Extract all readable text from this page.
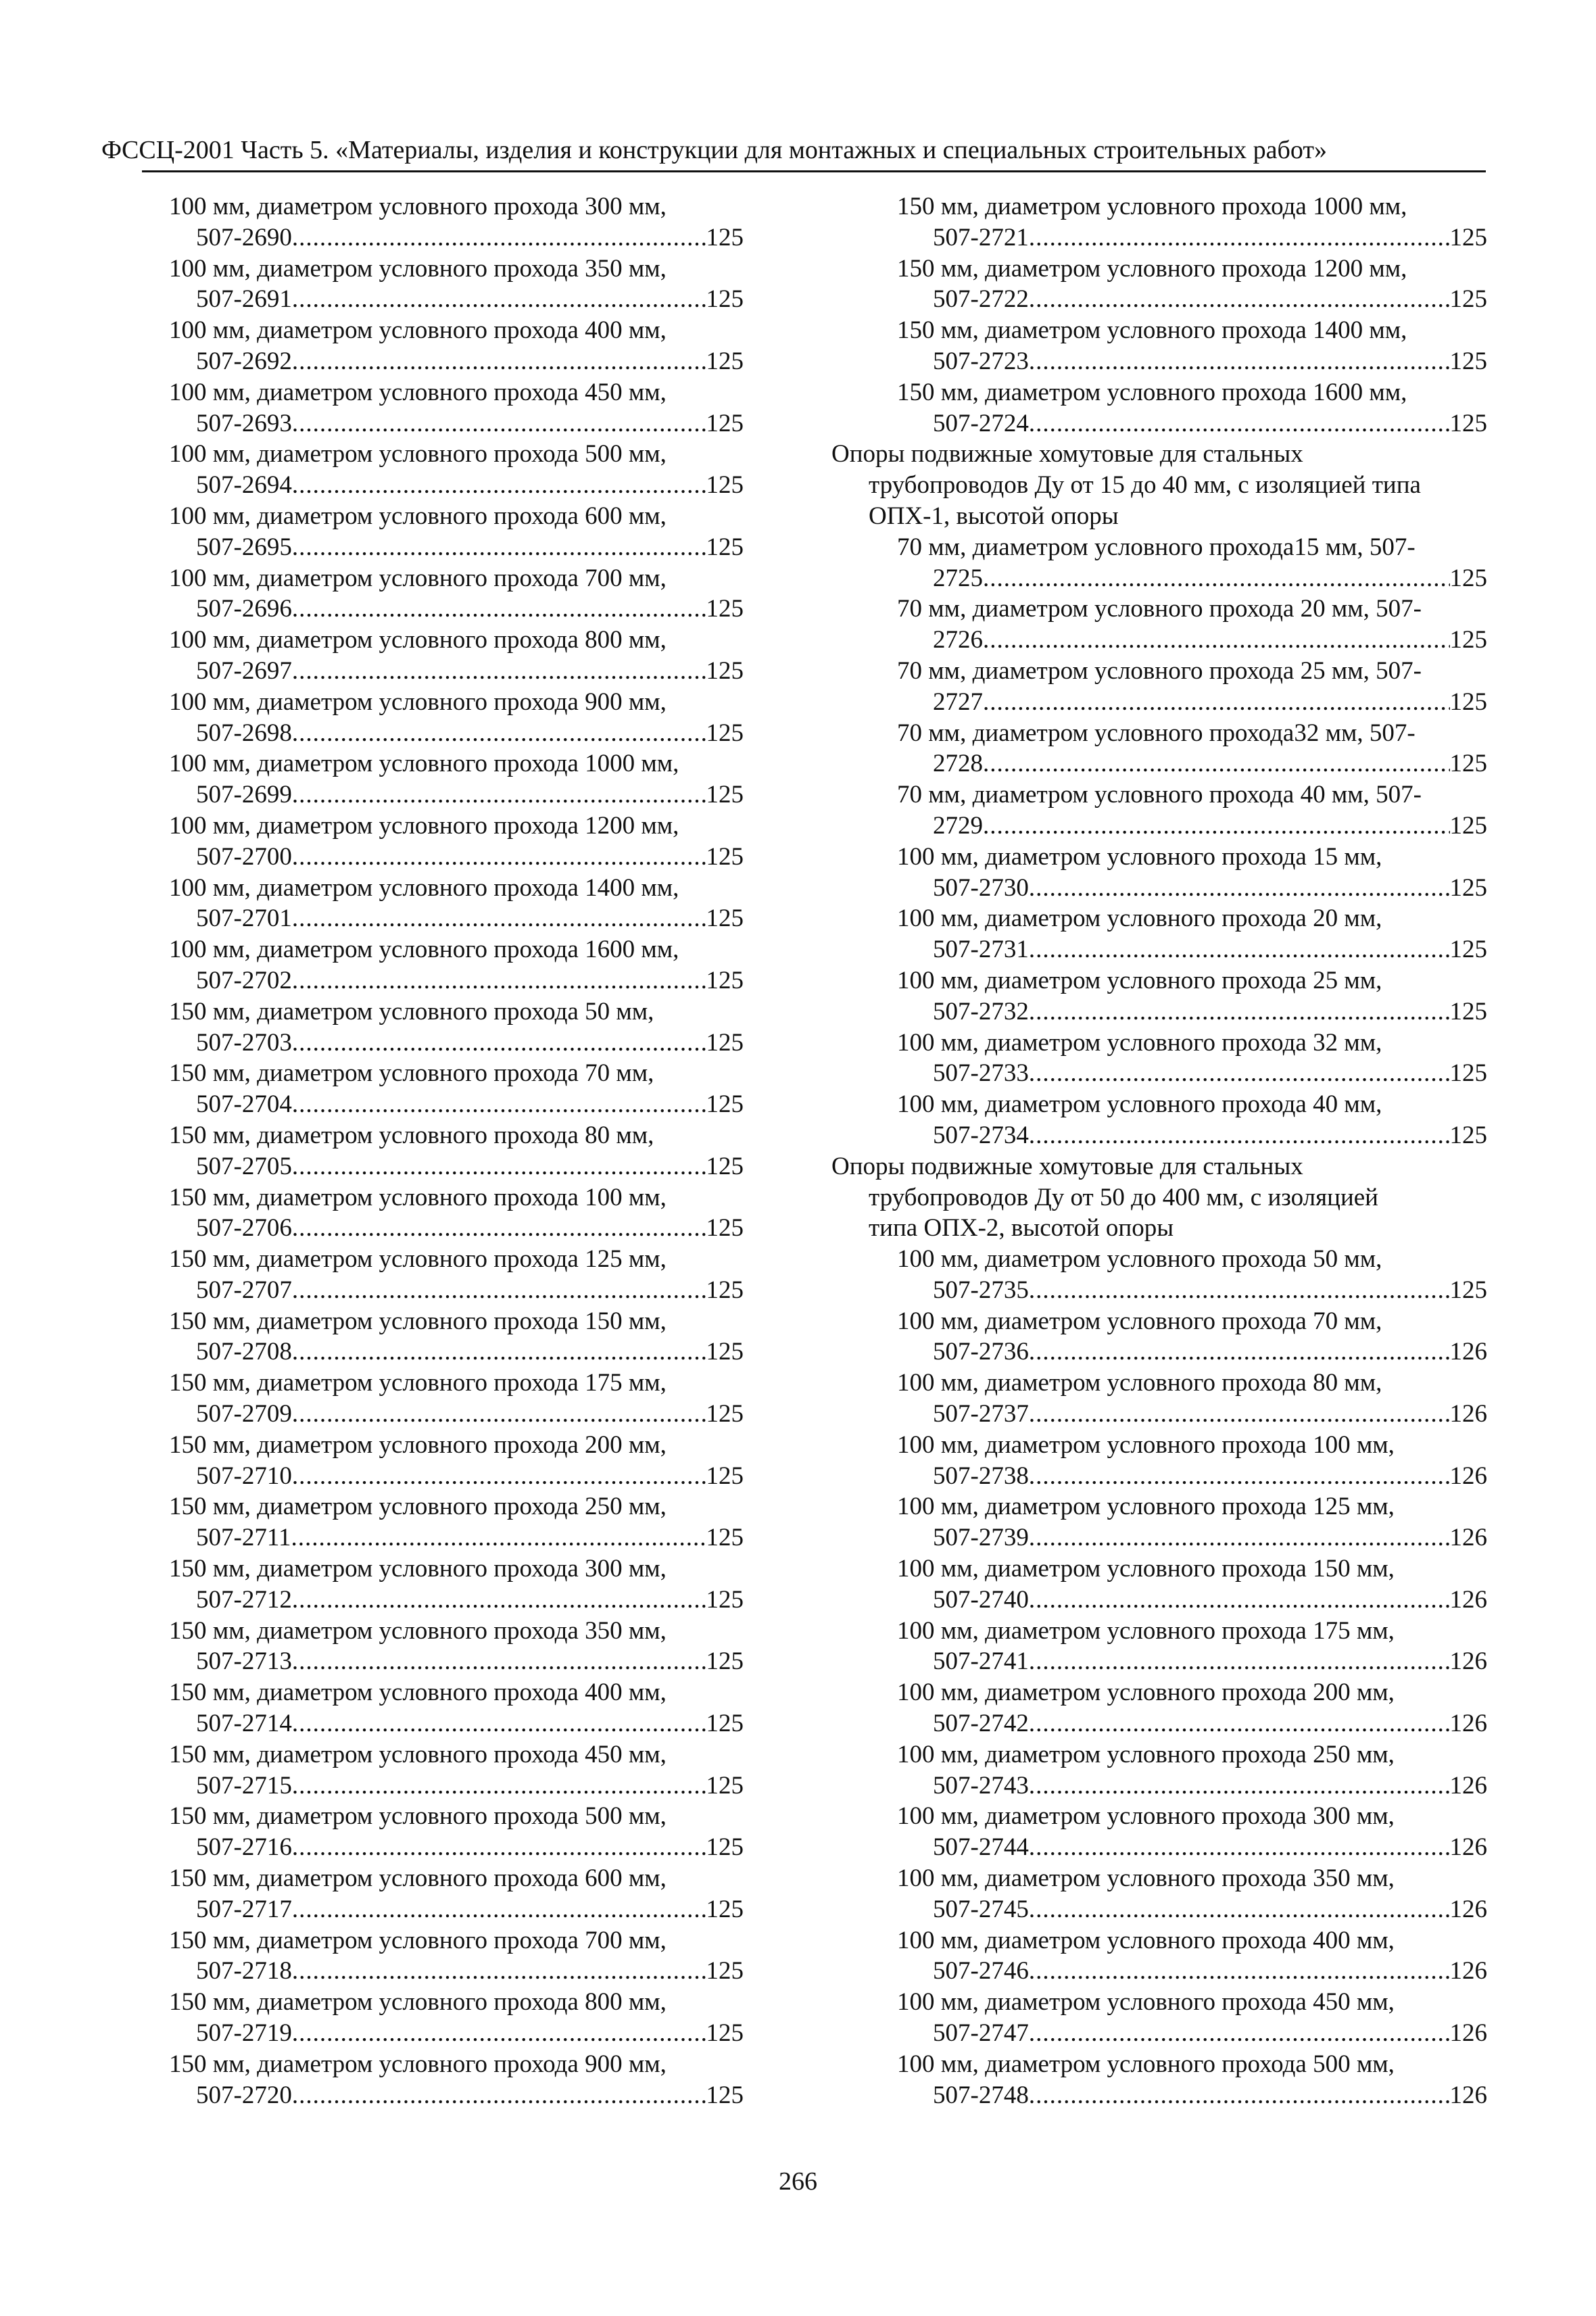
ФССЦ-2001 Часть 5. «Материалы, изделия и конструкции для монтажных и специальных строительных работ»
100 мм, диаметром условного прохода 300 мм,
507-2690 .....	125
100 мм, диаметром условного прохода 350 мм,
507-2691 .....	125
100 мм, диаметром условного прохода 400 мм,
507-2692 .....	125
100 мм, диаметром условного прохода 450 мм,
507-2693 .....	125
100 мм, диаметром условного прохода 500 мм,
507-2694 .....	125
100 мм, диаметром условного прохода 600 мм,
507-2695 .....	125
100 мм, диаметром условного прохода 700 мм,
507-2696 .....	125
100 мм, диаметром условного прохода 800 мм,
507-2697 .....	125
100 мм, диаметром условного прохода 900 мм,
507-2698 .....	125
100 мм, диаметром условного прохода 1000 мм,
507-2699 .....	125
100 мм, диаметром условного прохода 1200 мм,
507-2700 .....	125
100 мм, диаметром условного прохода 1400 мм,
507-2701 .....	125
100 мм, диаметром условного прохода 1600 мм,
507-2702 .....	125
150 мм, диаметром условного прохода 50 мм,
507-2703 .....	125
150 мм, диаметром условного прохода 70 мм,
507-2704 .....	125
150 мм, диаметром условного прохода 80 мм,
507-2705 .....	125
150 мм, диаметром условного прохода 100 мм,
507-2706 .....	125
150 мм, диаметром условного прохода 125 мм,
507-2707 .....	125
150 мм, диаметром условного прохода 150 мм,
507-2708 .....	125
150 мм, диаметром условного прохода 175 мм,
507-2709 .....	125
150 мм, диаметром условного прохода 200 мм,
507-2710 .....	125
150 мм, диаметром условного прохода 250 мм,
507-2711 .....	125
150 мм, диаметром условного прохода 300 мм,
507-2712 .....	125
150 мм, диаметром условного прохода 350 мм,
507-2713 .....	125
150 мм, диаметром условного прохода 400 мм,
507-2714 .....	125
150 мм, диаметром условного прохода 450 мм,
507-2715 .....	125
150 мм, диаметром условного прохода 500 мм,
507-2716 .....	125
150 мм, диаметром условного прохода 600 мм,
507-2717 .....	125
150 мм, диаметром условного прохода 700 мм,
507-2718 .....	125
150 мм, диаметром условного прохода 800 мм,
507-2719 .....	125
150 мм, диаметром условного прохода 900 мм,
507-2720 .....	125
150 мм, диаметром условного прохода 1000 мм,
507-2721 .....	125
150 мм, диаметром условного прохода 1200 мм,
507-2722 .....	125
150 мм, диаметром условного прохода 1400 мм,
507-2723 .....	125
150 мм, диаметром условного прохода 1600 мм,
507-2724 .....	125
Опоры подвижные хомутовые для стальных
трубопроводов Ду от 15 до 40 мм, с изоляцией типа
ОПХ-1, высотой опоры
70 мм, диаметром условного прохода15 мм, 507-
2725 .....	125
70 мм, диаметром условного прохода 20 мм, 507-
2726 .....	125
70 мм, диаметром условного прохода 25 мм, 507-
2727 .....	125
70 мм, диаметром условного прохода32 мм, 507-
2728 .....	125
70 мм, диаметром условного прохода 40 мм, 507-
2729 .....	125
100 мм, диаметром условного прохода 15 мм,
507-2730 .....	125
100 мм, диаметром условного прохода 20 мм,
507-2731 .....	125
100 мм, диаметром условного прохода 25 мм,
507-2732 .....	125
100 мм, диаметром условного прохода 32 мм,
507-2733 .....	125
100 мм, диаметром условного прохода 40 мм,
507-2734 .....	125
Опоры подвижные хомутовые для стальных
трубопроводов Ду от 50 до 400 мм, с изоляцией
типа ОПХ-2, высотой опоры
100 мм, диаметром условного прохода 50 мм,
507-2735 .....	125
100 мм, диаметром условного прохода 70 мм,
507-2736 .....	126
100 мм, диаметром условного прохода 80 мм,
507-2737 .....	126
100 мм, диаметром условного прохода 100 мм,
507-2738 .....	126
100 мм, диаметром условного прохода 125 мм,
507-2739 .....	126
100 мм, диаметром условного прохода 150 мм,
507-2740 .....	126
100 мм, диаметром условного прохода 175 мм,
507-2741 .....	126
100 мм, диаметром условного прохода 200 мм,
507-2742 .....	126
100 мм, диаметром условного прохода 250 мм,
507-2743 .....	126
100 мм, диаметром условного прохода 300 мм,
507-2744 .....	126
100 мм, диаметром условного прохода 350 мм,
507-2745 .....	126
100 мм, диаметром условного прохода 400 мм,
507-2746 .....	126
100 мм, диаметром условного прохода 450 мм,
507-2747 .....	126
100 мм, диаметром условного прохода 500 мм,
507-2748 .....	126
266
